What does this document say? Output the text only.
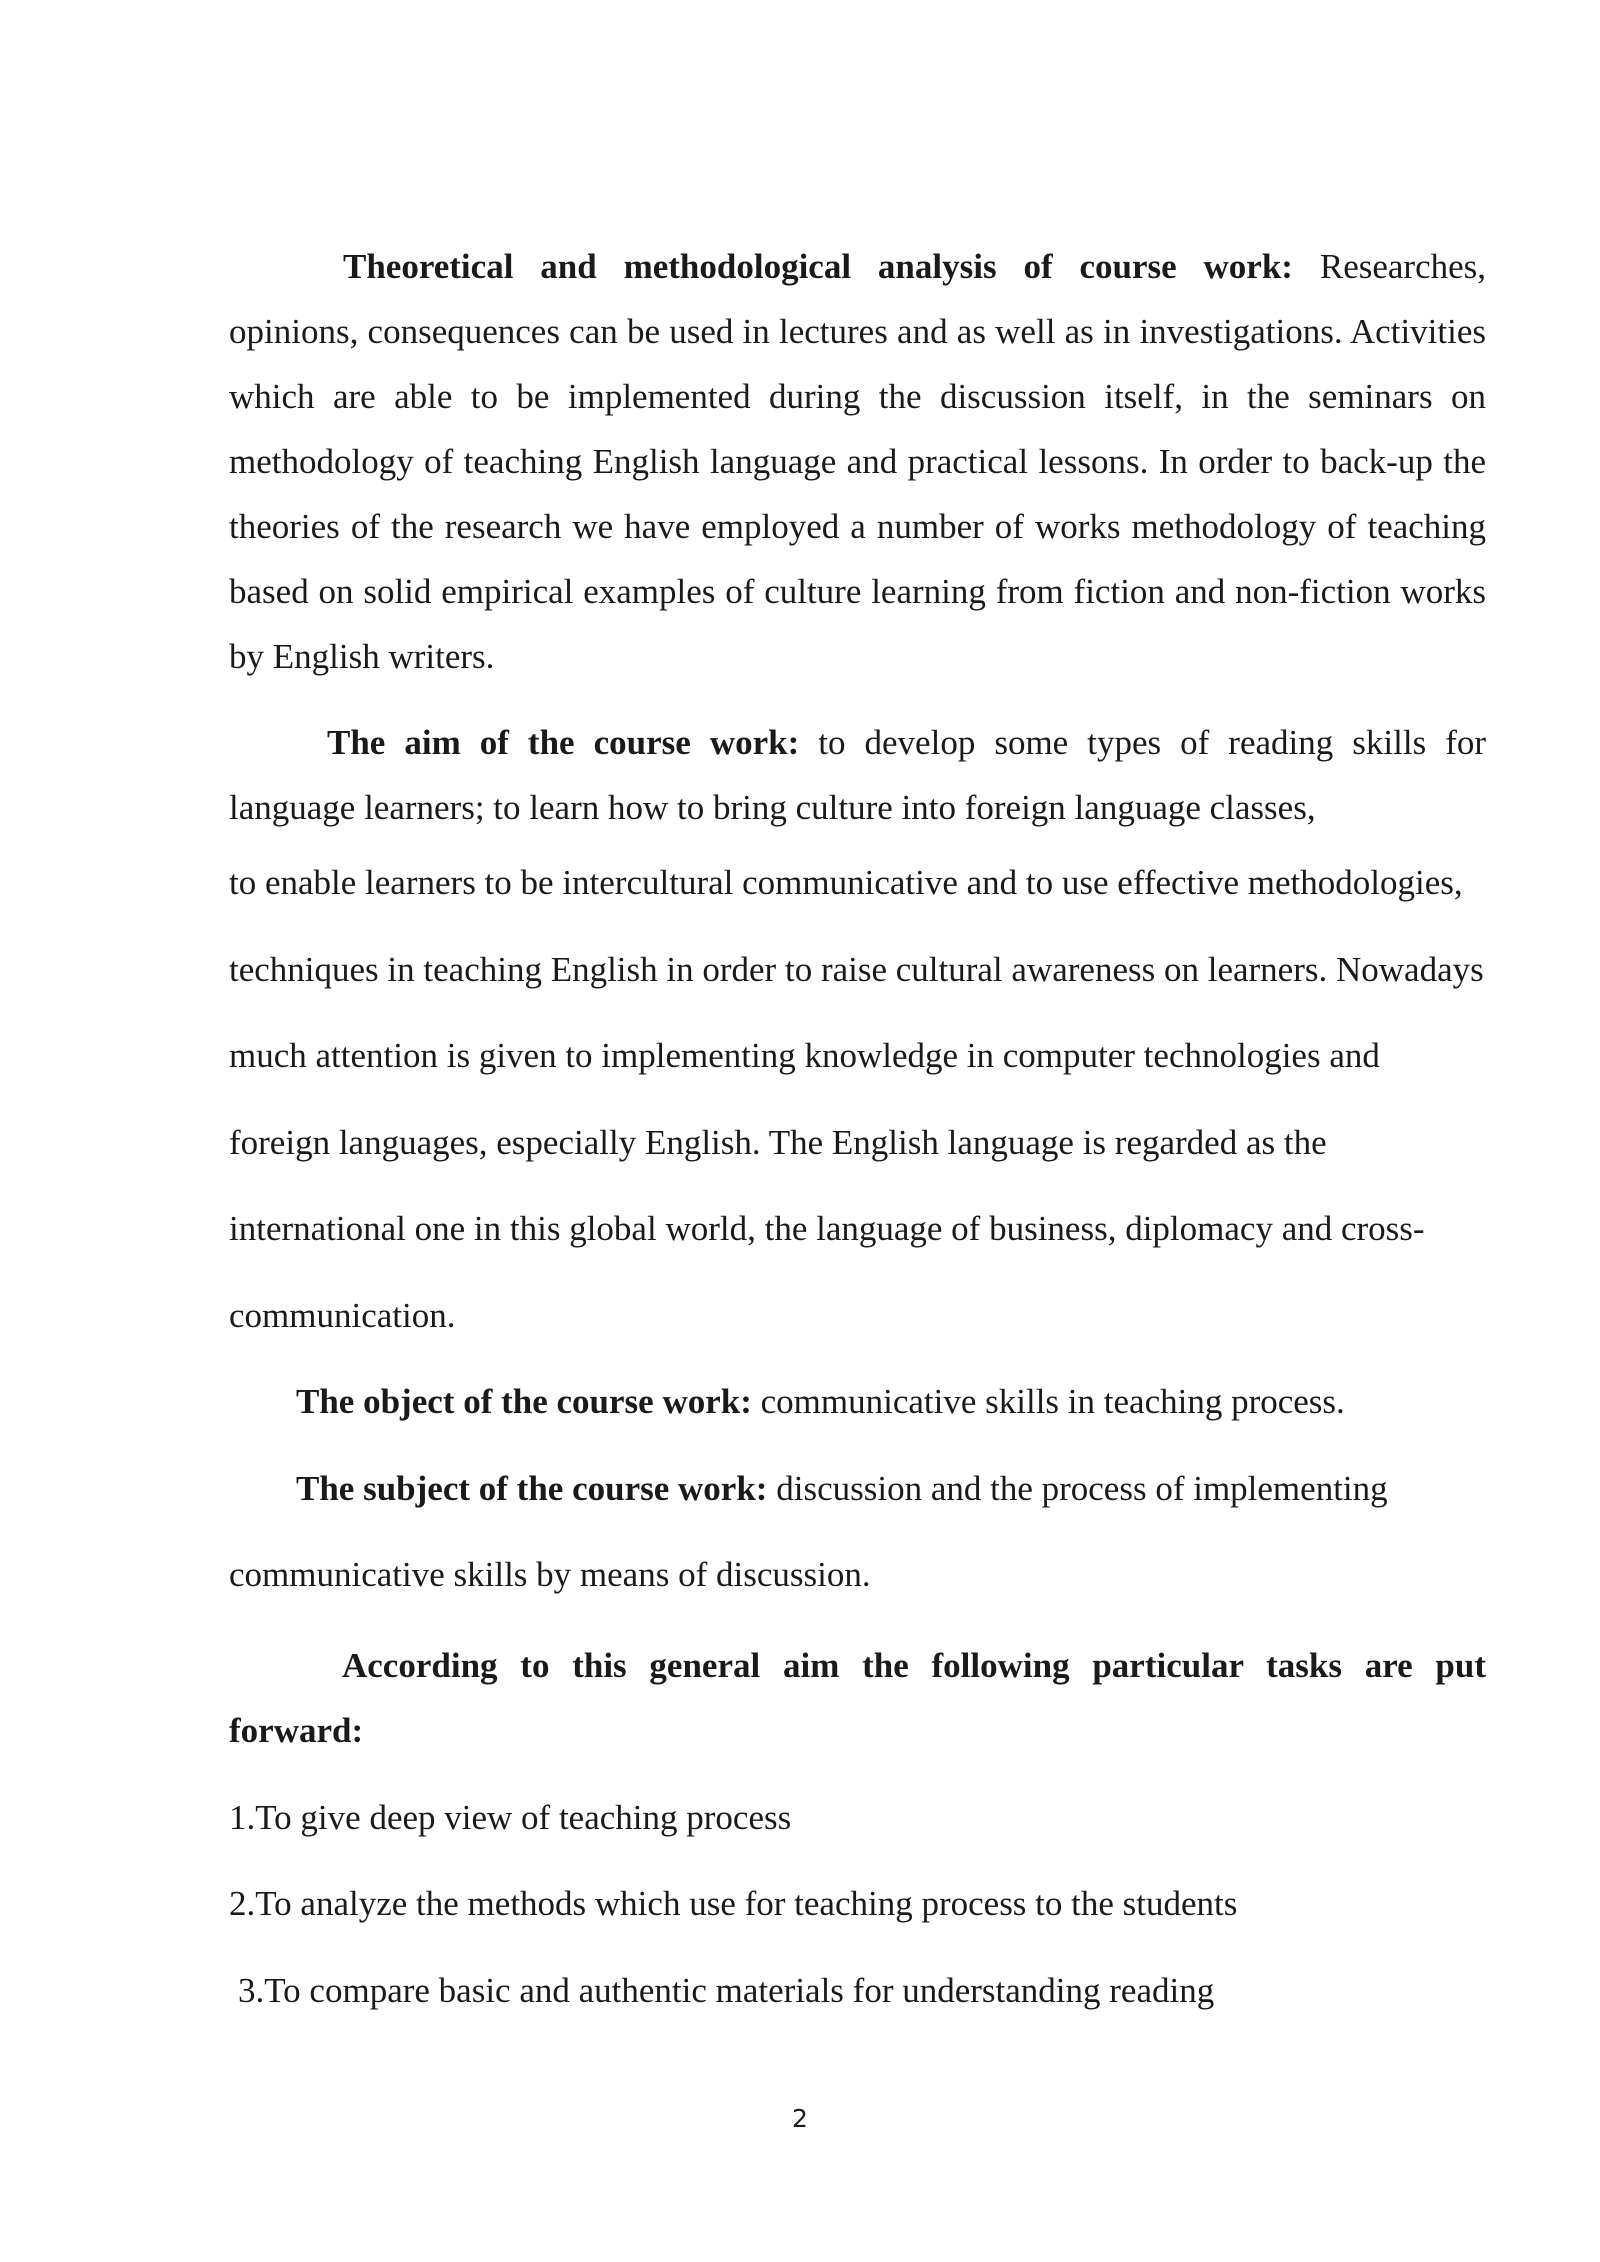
Theoretical and methodological analysis of course work: Researches, opinions, consequences can be used in lectures and as well as in investigations. Activities which are able to be implemented during the discussion itself, in the seminars on methodology of teaching English language and practical lessons. In order to back-up the theories of the research we have employed a number of works methodology of teaching based on solid empirical examples of culture learning from fiction and non-fiction works by English writers.

The aim of the course work: to develop some types of reading skills for language learners; to learn how to bring culture into foreign language classes,

to enable learners to be intercultural communicative and to use effective methodologies, techniques in teaching English in order to raise cultural awareness on learners. Nowadays much attention is given to implementing knowledge in computer technologies and foreign languages, especially English. The English language is regarded as the international one in this global world, the language of business, diplomacy and cross-communication.

The object of the course work: communicative skills in teaching process.

The subject of the course work: discussion and the process of implementing communicative skills by means of discussion.

According to this general aim the following particular tasks are put forward:

1.To give deep view of teaching process

2.To analyze the methods which use for teaching process to the students

3.To compare basic and authentic materials for understanding reading

2
